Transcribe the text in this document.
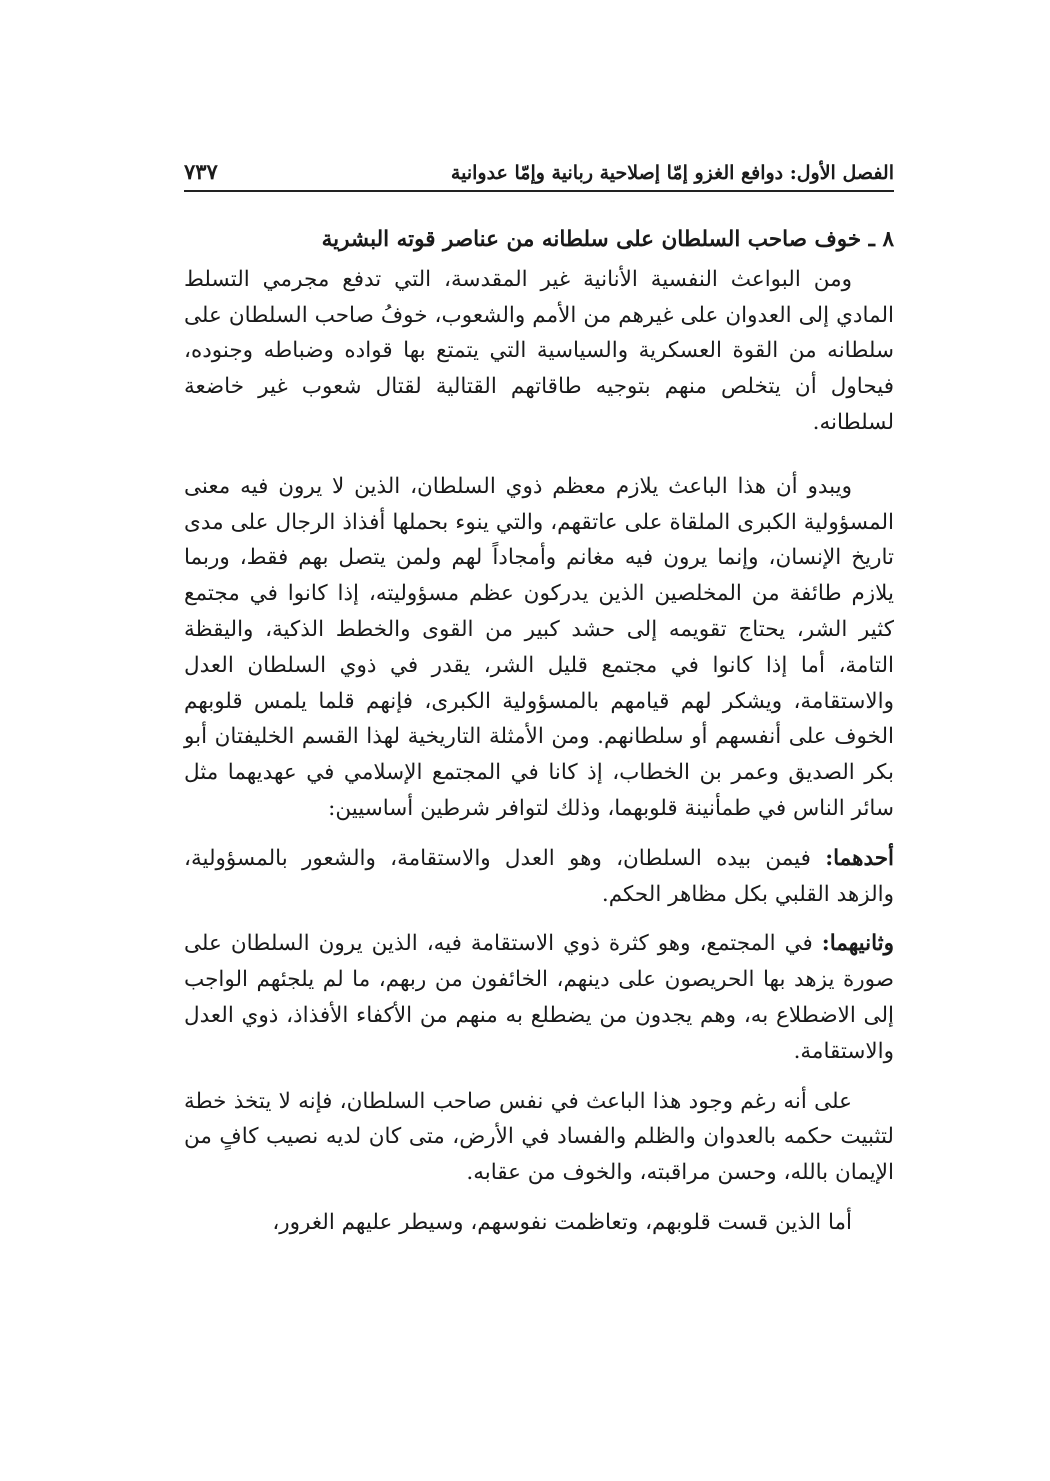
الفصل الأول: دوافع الغزو إمّا إصلاحية ربانية وإمّا عدوانية
٧٣٧

٨ ـ خوف صاحب السلطان على سلطانه من عناصر قوته البشرية

ومن البواعث النفسية الأنانية غير المقدسة، التي تدفع مجرمي التسلط المادي إلى العدوان على غيرهم من الأمم والشعوب، خوفُ صاحب السلطان على سلطانه من القوة العسكرية والسياسية التي يتمتع بها قواده وضباطه وجنوده، فيحاول أن يتخلص منهم بتوجيه طاقاتهم القتالية لقتال شعوب غير خاضعة لسلطانه.

ويبدو أن هذا الباعث يلازم معظم ذوي السلطان، الذين لا يرون فيه معنى المسؤولية الكبرى الملقاة على عاتقهم، والتي ينوء بحملها أفذاذ الرجال على مدى تاريخ الإنسان، وإنما يرون فيه مغانم وأمجاداً لهم ولمن يتصل بهم فقط، وربما يلازم طائفة من المخلصين الذين يدركون عظم مسؤوليته، إذا كانوا في مجتمع كثير الشر، يحتاج تقويمه إلى حشد كبير من القوى والخطط الذكية، واليقظة التامة، أما إذا كانوا في مجتمع قليل الشر، يقدر في ذوي السلطان العدل والاستقامة، ويشكر لهم قيامهم بالمسؤولية الكبرى، فإنهم قلما يلمس قلوبهم الخوف على أنفسهم أو سلطانهم. ومن الأمثلة التاريخية لهذا القسم الخليفتان أبو بكر الصديق وعمر بن الخطاب، إذ كانا في المجتمع الإسلامي في عهديهما مثل سائر الناس في طمأنينة قلوبهما، وذلك لتوافر شرطين أساسيين:

أحدهما: فيمن بيده السلطان، وهو العدل والاستقامة، والشعور بالمسؤولية، والزهد القلبي بكل مظاهر الحكم.

وثانيهما: في المجتمع، وهو كثرة ذوي الاستقامة فيه، الذين يرون السلطان على صورة يزهد بها الحريصون على دينهم، الخائفون من ربهم، ما لم يلجئهم الواجب إلى الاضطلاع به، وهم يجدون من يضطلع به منهم من الأكفاء الأفذاذ، ذوي العدل والاستقامة.

على أنه رغم وجود هذا الباعث في نفس صاحب السلطان، فإنه لا يتخذ خطة لتثبيت حكمه بالعدوان والظلم والفساد في الأرض، متى كان لديه نصيب كافٍ من الإيمان بالله، وحسن مراقبته، والخوف من عقابه.

أما الذين قست قلوبهم، وتعاظمت نفوسهم، وسيطر عليهم الغرور،
